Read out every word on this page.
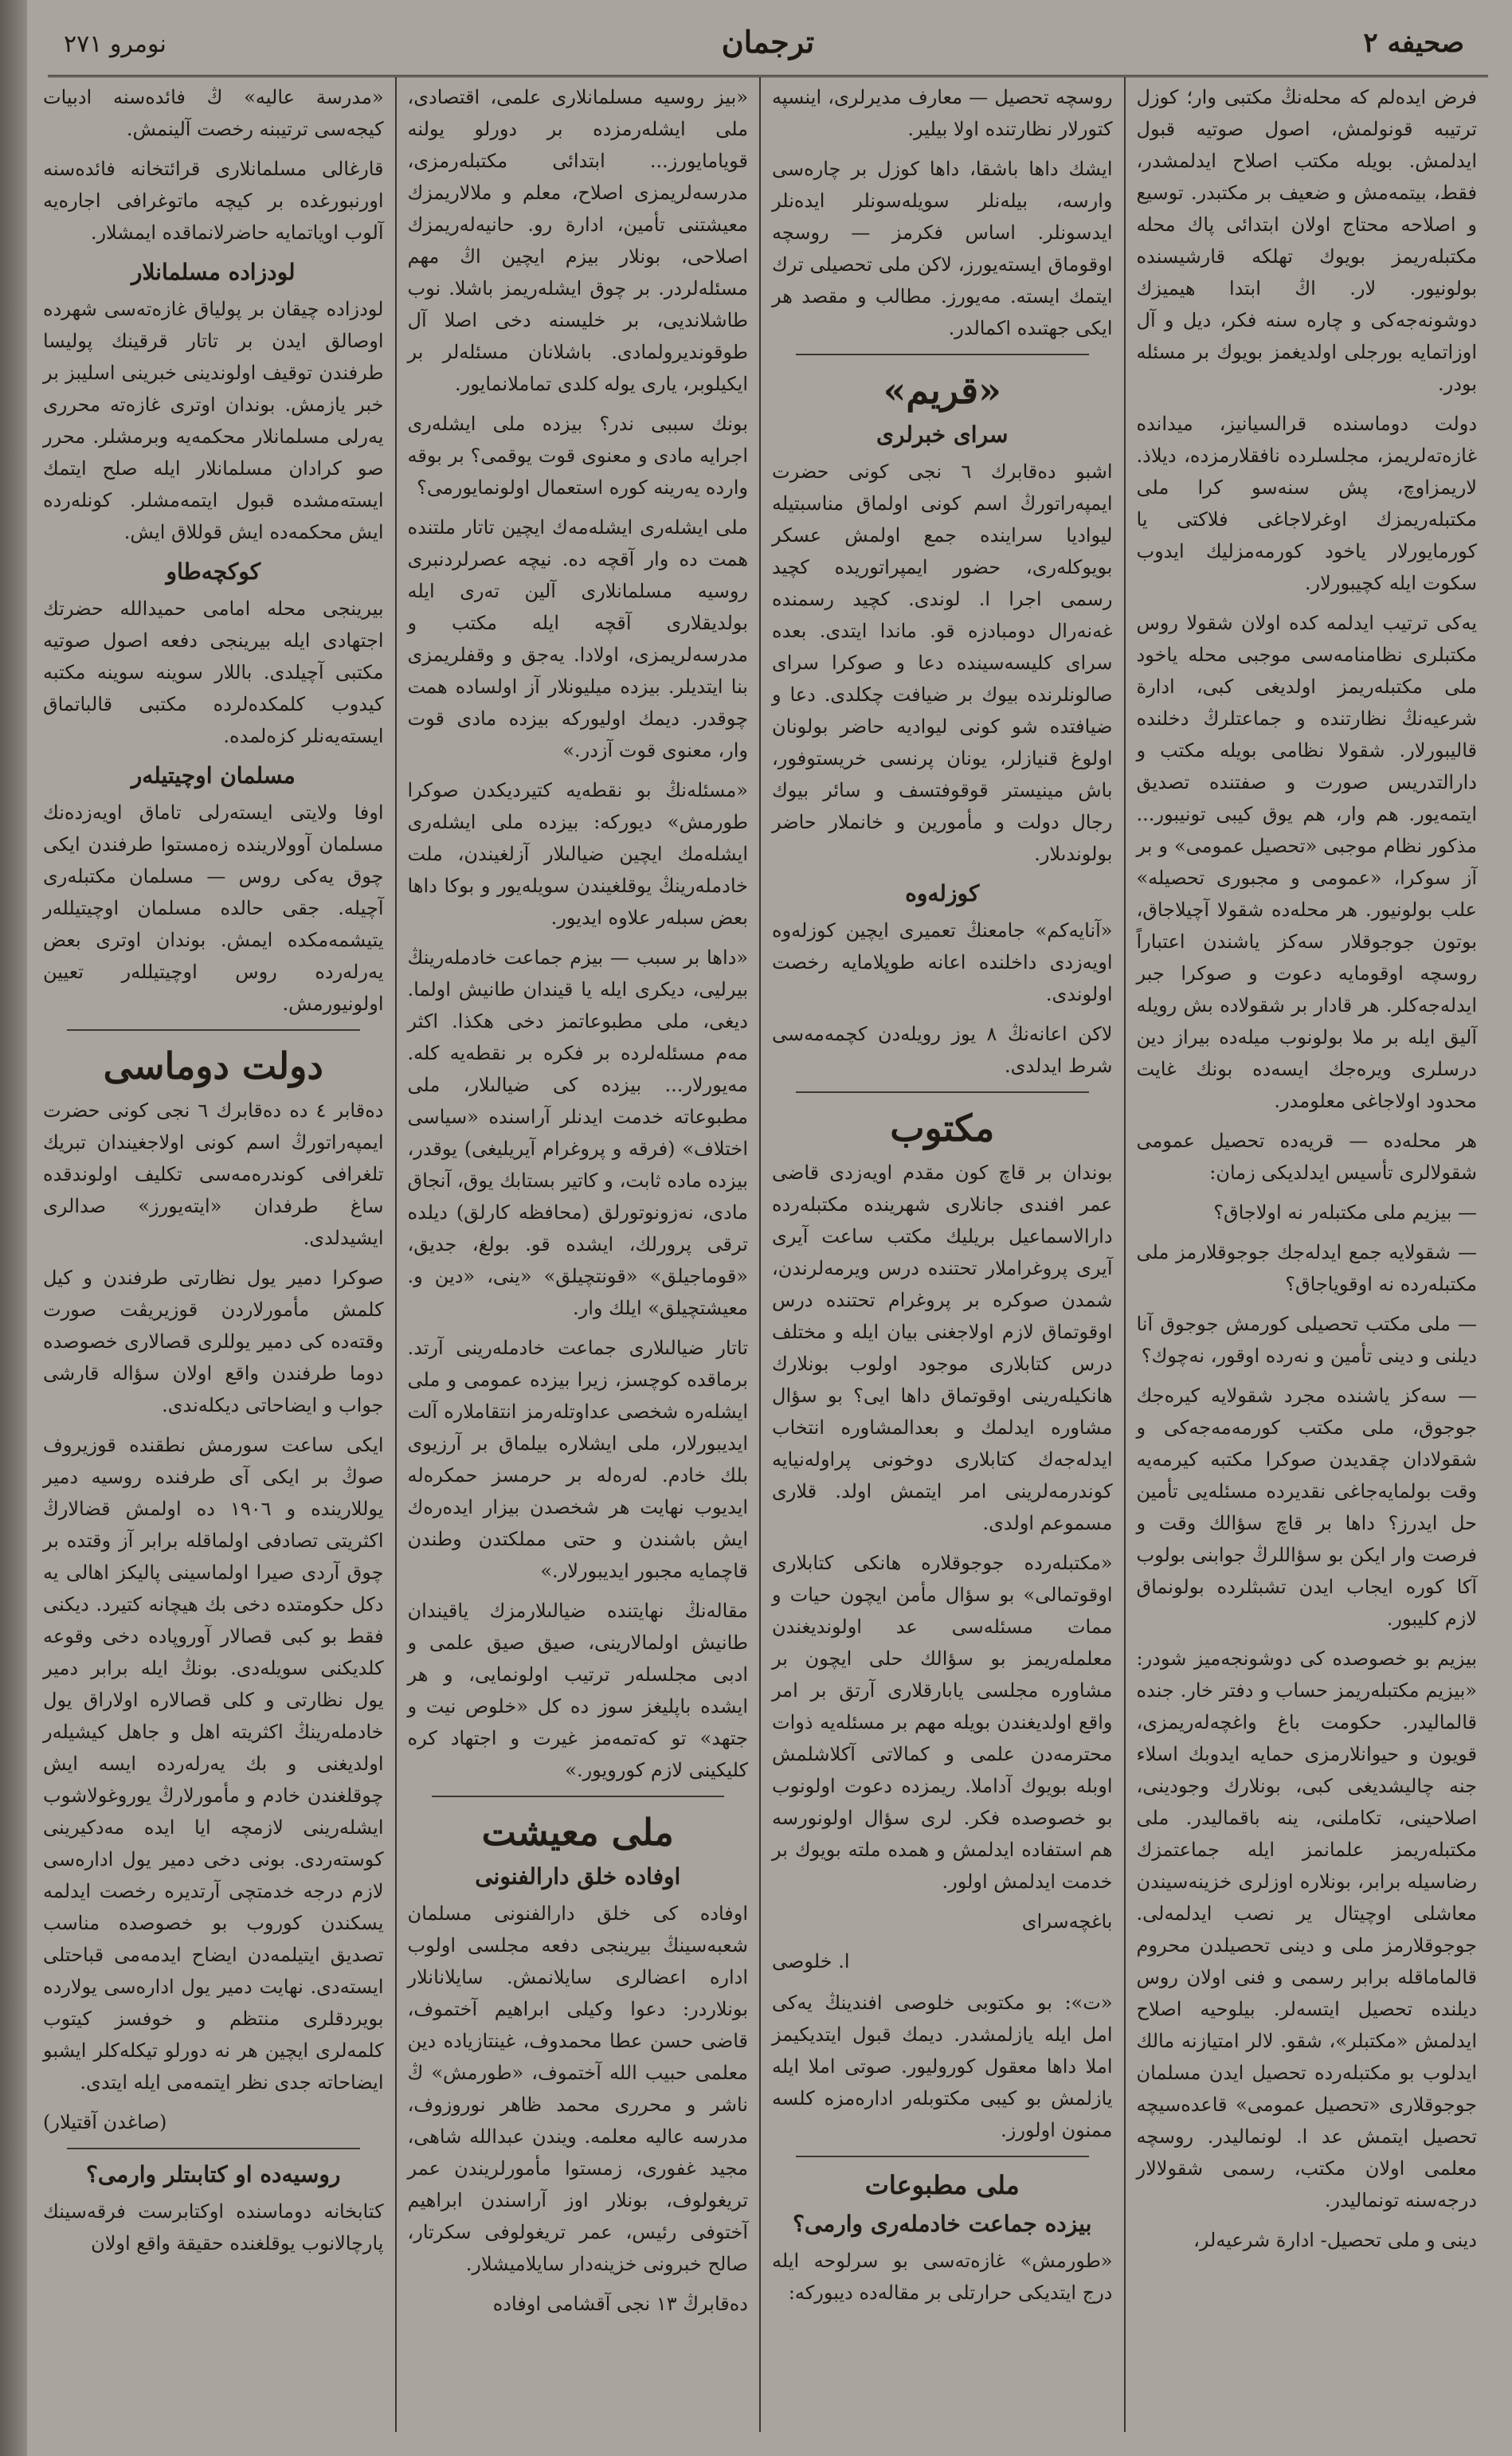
نومرو ٢٧١	ترجمان	صحيفه ٢

فرض ايدەلم كە محلەنڭ مكتبى وار؛ كوزل ترتيبە قونولمش، اصول صوتيە قبول ايدلمش. بويلە مكتب اصلاح ايدلمشدر، فقط، بيتمەمش و ضعيف بر مكتبدر. توسيع و اصلاحە محتاج اولان ابتدائى پاك محلە مكتبلەريمز بويوك تهلكە قارشيسندە بولونيور. لار. اڭ ابتدا هيميزك دوشونەجەكى و چارە سنە فكر، ديل و آل اوزاتمايە بورجلى اولديغمز بويوك بر مسئلە بودر.

دولت دوماسندە قرالسيانيز، ميداندە غازەتەلريمز، مجلسلرده نافقلارمزده، ديلاذ. لاريمزاوچ، پش سنەسو كرا ملى مكتبلەريمزك اوغرلاجاغى فلاكتى يا كورمايورلار ياخود كورمەمزليك ايدوب سكوت ايلە كچيبورلار.

يەكى ترتيب ايدلمە كدە اولان شقولا روس مكتبلرى نظامنامەسى موجبى محلە ياخود ملى مكتبلەريمز اولديغى كبى، ادارة شرعيەنڭ نظارتندە و جماعتلرڭ دخلندە قاليبورلار. شقولا نظامى بويلە مكتب و دارالتدريس صورت و صفتندە تصديق ايتمەيور. هم وار، هم يوق كيبى تونيبور... مذكور نظام موجبى «تحصيل عمومى» و بر آز سوكرا، «عمومى و مجبورى تحصيلە» علب بولونيور. هر محلەدە شقولا آچيلاجاق، بوتون جوجوقلار سەكز ياشندن اعتباراً روسچە اوقومايە دعوت و صوكرا جبر ايدلەجەكلر. هر قادار بر شقولادە بش رويلە آليق ايلە بر ملا بولونوب ميلەدە بيراز دين درسلرى ويرەجك ايسەدە بونك غايت محدود اولاجاغى معلومدر.

هر محلەدە — قريەدە تحصيل عمومى شقولالرى تأسيس ايدلديكى زمان:

— بيزيم ملى مكتبلەر نە اولاجاق؟

— شقولايە جمع ايدلەجك جوجوقلارمز ملى مكتبلەردە نە اوقوياجاق؟

— ملى مكتب تحصيلى كورمش جوجوق آنا ديلنى و دينى تأمين و نەردە اوقور، نەچوك؟

— سەكز ياشندە مجرد شقولايە كيرەجك جوجوق، ملى مكتب كورمەمەجەكى و شقولادان چقديدن صوكرا مكتبە كيرمەيە وقت بولمايەجاغى نقديرده مسئلەيى تأمين حل ايدرز؟ داها بر قاچ سؤالك وقت و فرصت وار ايكن بو سؤاللرڭ جوابنى بولوب آكا كورە ايجاب ايدن تشبثلرده بولونماق لازم كليبور.

بيزيم بو خصوصدە كى دوشونجەميز شودر: «بيزيم مكتبلەريمز حساب و دفتر خار. جندە قالماليدر. حكومت باغ واغچەلەريمزى، قويون و حيوانلارمزى حمايە ايدوبك اسلاء جنە چاليشديغى كبى، بونلارك وجودينى، اصلاحينى، تكاملنى، ينە باقماليدر. ملى مكتبلەريمز علمانمز ايلە جماعتمزك رضاسيلە برابر، بونلاره اوزلرى خزينەسيندن معاشلى اوچيتال ير نصب ايدلمەلى. جوجوقلارمز ملى و دينى تحصيلدن محروم قالماماقلە برابر رسمى و فنى اولان روس ديلندە تحصيل ايتسەلر. بيلوحيە اصلاح ايدلمش «مكتبلر»، شقو. لالر امتيازنە مالك ايدلوب بو مكتبلەردە تحصيل ايدن مسلمان جوجوقلارى «تحصيل عمومى» قاعدەسيچە تحصيل ايتمش عد ا. لونماليدر. روسچە معلمى اولان مكتب، رسمى شقولالار درجەسنە تونماليدر.

دينى و ملى تحصيل- ادارة شرعيەلر،

روسچە تحصيل — معارف مديرلرى، اينسپە كتورلار نظارتندە اولا بيلير.

ايشك داها باشقا، داها كوزل بر چارەسى وارسه، بيلەنلر سويلەسونلر ايدەنلر ايدسونلر. اساس فكرمز — روسچە اوقوماق ايستەيورز، لاكن ملى تحصيلى ترك ايتمك ايستە. مەيورز. مطالب و مقصد هر ايكى جهتىدە اكمالدر.

«قريم»
سراى خبرلرى

اشبو دەقابرك ٦ نجى كونى حضرت ايمپەراتورڭ اسم كونى اولماق مناسبتيلە ليواديا سراينده جمع اولمش عسكر بويوكلەرى، حضور ايمپراتوريدە كچيد رسمى اجرا ا. لوندى. كچيد رسمندە غەنەرال دومبادزه قو. ماندا ايتدى. بعده سراى كليسەسيندە دعا و صوكرا سراى صالونلرندە بيوك بر ضيافت چكلدى. دعا و ضيافتدە شو كونى ليواديە حاضر بولونان اولوغ قنيازلر، يونان پرنسى خريستوفور، باش مينيستر قوقوفتسف و سائر بيوك رجال دولت و مأمورين و خانملار حاضر بولوندىلار.

كوزلەوە

«آنايەكم» جامعنڭ تعميرى ايچين كوزلەوە اويەزدى داخلندە اعانە طوپلامايە رخصت اولوندى.

لاكن اعانەنڭ ٨ يوز رويلەدن كچمەمەسى شرط ايدلدى.

مكتوب

بوندان بر قاچ كون مقدم اويەزدى قاضى عمر افندى جانلارى شهرينده مكتبلەرده دارالاسماعيل بريليك مكتب ساعت آيرى آيرى پروغراملار تحتندە درس ويرمەلرندن، شمدن صوكرە بر پروغرام تحتندە درس اوقوتماق لازم اولاجغنى بيان ايلە و مختلف درس كتابلارى موجود اولوب بونلارك هانكيلەرينى اوقوتماق داها ايى؟ بو سؤال مشاوره ايدلمك و بعدالمشاوره انتخاب ايدلەجەك كتابلارى دوخونى پراولەنيايە كوندرمەلرينى امر ايتمش اولد. قلارى مسموعم اولدى.

«مكتبلەرده جوجوقلارە هانكى كتابلارى اوقوتمالى» بو سؤال مأمن ايچون حيات و ممات مسئلەسى عد اولونديغندن معلملەريمز بو سؤالك حلى ايچون بر مشاوره مجلسى يابارقلارى آرتق بر امر واقع اولديغندن بويلە مهم بر مسئلەيە ذوات محترمەدن علمى و كمالاتى آكلاشلمش اوبلە بويوك آداملا. ريمزدە دعوت اولونوب بو خصوصدە فكر. لرى سؤال اولونورسە هم استفادە ايدلمش و همدە ملتە بويوك بر خدمت ايدلمش اولور.

باغچەسراى

ا. خلوصى

«ت»: بو مكتوبى خلوصى افندينڭ يەكى امل ايلە يازلمشدر. ديمك قبول ايتديكيمز املا داها معقول كوروليور. صوتى املا ايلە يازلمش بو كيبى مكتوبلەر ادارەمزە كلسە ممنون اولورز.

ملى مطبوعات
بيزدە جماعت خادملەرى وارمى؟

«طورمش» غازەتەسى بو سرلوحە ايلە درج ايتديكى حرارتلى بر مقالەدە ديبوركە:

«بيز روسيە مسلمانلارى علمى، اقتصادى، ملى ايشلەرمزدە بر دورلو يولنە قويامايورز... ابتدائى مكتبلەرمزى، مدرسەلريمزى اصلاح، معلم و ملالاريمزك معيشتنى تأمين، ادارة رو. حانيەلەريمزك اصلاحى، بونلار بيزم ايچين اڭ مهم مسئلەلردر. بر چوق ايشلەريمز باشلا. نوب طاشلانديى، بر خليسنە دخى اصلا آل طوقونديرولمادى. باشلانان مسئلەلر بر ايكيلوبر، يارى يولە كلدى تماملانمايور.

بونك سببى ندر؟ بيزدە ملى ايشلەرى اجرايە مادى و معنوى قوت يوقمى؟ بر بوقە وارده يەرينە كورە استعمال اولونمايورمى؟

ملى ايشلەرى ايشلەمەك ايچين تاتار ملتندە همت دە وار آقچە دە. نيچە عصرلردنبرى روسيە مسلمانلارى آلين تەرى ايلە بولديقلارى آقچە ايلە مكتب و مدرسەلريمزى، اولادا. يەجق و وقفلريمزى بنا ايتديلر. بيزدە ميليونلار آز اولسادە همت چوقدر. ديمك اوليوركە بيزدە مادى قوت وار، معنوى قوت آزدر.»

«مسئلەنڭ بو نقطەيە كتيرديكدن صوكرا طورمش» ديوركە: بيزده ملى ايشلەرى ايشلەمك ايچين ضيالىلار آزلغيندن، ملت خادملەرينڭ يوقلغيندن سويلەيور و بوكا داها بعض سبلەر علاوه ايديور.

«داها بر سبب — بيزم جماعت خادملەرينڭ بيرليى، ديكرى ايلە يا قيندان طانيش اولما. ديغى، ملى مطبوعاتمز دخى هكذا. اكثر مەم مسئلەلردە بر فكرە بر نقطەيە كلە. مەيورلار... بيزدە كى ضيالىلار، ملى مطبوعاتە خدمت ايدنلر آراسندە «سياسى اختلاف» (فرقە و پروغرام آيريليغى) يوقدر، بيزدە ماده ثابت، و كاتير بستابك يوق، آنجاق مادى، نەزونوتورلق (محافظە كارلق) ديلدە ترقى پرورلك، ايشدە قو. بولغ، جديق، «قوماجيلق» «قونتچيلق» «ينى، «دين و. معيشتچيلق» ايلك وار.

تاتار ضيالىلارى جماعت خادملەرينى آرتد. برماقدە كوچسز، زيرا بيزدە عمومى و ملى ايشلەرە شخصى عداوتلەرمز انتقاملارە آلت ايديبورلار، ملى ايشلارە بيلماق بر آرزيوى بلك خادم. لەرەلە بر حرمسز حمكرەلە ايديوب نهايت هر شخصدن بيزار ايدەرەك ايش باشندن و حتى مملكتدن وطندن قاچمايە مجبور ايديبورلار.»

مقالەنڭ نهايتندە ضيالىلارمزك ياقيندان طانيش اولمالارينى، صيق صيق علمى و ادبى مجلسلەر ترتيب اولونمايى، و هر ايشدە باپليغز سوز دە كل «خلوص نيت و جتهد» تو كەتمەمز غيرت و اجتهاد كره كليكينى لازم كورويور.»

ملى معيشت
اوفادە خلق دارالفنونى

اوفادە كى خلق دارالفنونى مسلمان شعبەسينڭ بيرينجى دفعە مجلسى اولوب اداره اعضالرى سايلانمش. سايلانانلار بونلاردر: دعوا وكيلى ابراهيم آختموف، قاضى حسن عطا محمدوف، غينتازيادە دين معلمى حبيب الله آختموف، «طورمش» ڭ ناشر و محررى محمد ظاهر نوروزوف، مدرسە عاليە معلمە. ويندن عبدالله شاهى، مجيد غفورى، زمستوا مأمورلريندن عمر تريغولوف، بونلار اوز آراسندن ابراهيم آختوفى رئيس، عمر تريغولوفى سكرتار، صالح خبرونى خزينەدار سايلاميشلار.

دەقابرڭ ١٣ نجى آقشامى اوفادە

«مدرسة عاليە» ڭ فائدەسنە ادبيات كيجەسى ترتيبنە رخصت آلينمش.

قارغالى مسلمانلارى قرائتخانە فائدەسنە اورنبورغدە بر كيچە ماتوغرافى اجارەيە آلوب اوياتمايە حاضرلانماقدە ايمشلار.

لودزاده مسلمانلار

لودزاده چيقان بر پولياق غازەتەسى شهرده اوصالق ايدن بر تاتار قرقينك پوليسا طرفندن توقيف اولوندينى خبرينى اسليبز بر خبر يازمش. بوندان اوترى غازەتە محررى يەرلى مسلمانلار محكمەيە وبرمشلر. محرر صو كرادان مسلمانلار ايلە صلح ايتمك ايستەمشدە قبول ايتمەمشلر. كونلەرده ايش محكمەدە ايش قوللاق ايش.

كوكچەطاو

بيرينجى محلە امامى حميدالله حضرتك اجتهادى ايلە بيرينجى دفعە اصول صوتيە مكتبى آچيلدى. باللار سوينە سوينە مكتبە كيدوب كلمكدەلردە مكتبى قالباتماق ايستەيەنلر كزەلمدە.

مسلمان اوچيتيلەر

اوفا ولايتى ايستەرلى تاماق اويەزدەنك مسلمان آوولاريندە زەمستوا طرفندن ايكى چوق يەكى روس — مسلمان مكتبلەرى آچيلە. جقى حالدە مسلمان اوچيتيللەر يتيشمەمكدە ايمش. بوندان اوترى بعض يەرلەردە روس اوچيتيللەر تعيين اولونيورمش.

دولت دوماسى

دەقابر ٤ دە دەقابرك ٦ نجى كونى حضرت ايمپەراتورڭ اسم كونى اولاجغيندان تبريك تلغرافى كوندرەمەسى تكليف اولوندقدە ساغ طرفدان «ايتەيورز» صدالرى ايشيدلدى.

صوكرا دمير يول نظارتى طرفندن و كيل كلمش مأمورلاردن قوزيريڤت صورت وقتەدە كى دمير يوللرى قصالارى خصوصدە دوما طرفندن واقع اولان سؤالە قارشى جواب و ايضاحاتى ديكلەندى.

ايكى ساعت سورمش نطقندە قوزيروف صوڭ بر ايكى آى طرفندە روسيە دمير يوللارينده و ١٩٠٦ دە اولمش قضالارڭ اكثريتى تصادفى اولماقلە برابر آز وقتدە بر چوق آردى صيرا اولماسينى پاليكز اهالى يە دكل حكومتدە دخى بك هيچانە كتيرد. ديكنى فقط بو كبى قصالار آوروپادە دخى وقوعە كلديكنى سويلەدى. بونڭ ايلە برابر دمير يول نظارتى و كلى قصالارە اولاراق يول خادملەرينڭ اكثريتە اهل و جاهل كيشيلەر اولديغنى و بك يەرلەردە ايسە ايش چوقلغندن خادم و مأمورلارڭ يوروغولاشوب ايشلەرينى لازمچە ايا ايده مەدكيرينى كوستەردى. بونى دخى دمير يول ادارەسى لازم درجە خدمتچى آرتديرە رخصت ايدلمە يسكندن كوروب بو خصوصدە مناسب تصديق ايتيلمەدن ايضاح ايدمەمى قباحتلى ايستەدى. نهايت دمير يول ادارەسى يولاردە بويردقلرى منتظم و خوفسز كيتوب كلمەلرى ايچين هر نە دورلو تيكلەكلر ايشبو ايضاحاتە جدى نظر ايتمەمى ايلە ايتدى.

(صاغدن آقتيلار)

روسيەدە او كتابىتلر وارمى؟

كتابخانە دوماسندە اوكتابرست فرقەسينك پارچالانوب يوقلغندە حقيقة واقع اولان
